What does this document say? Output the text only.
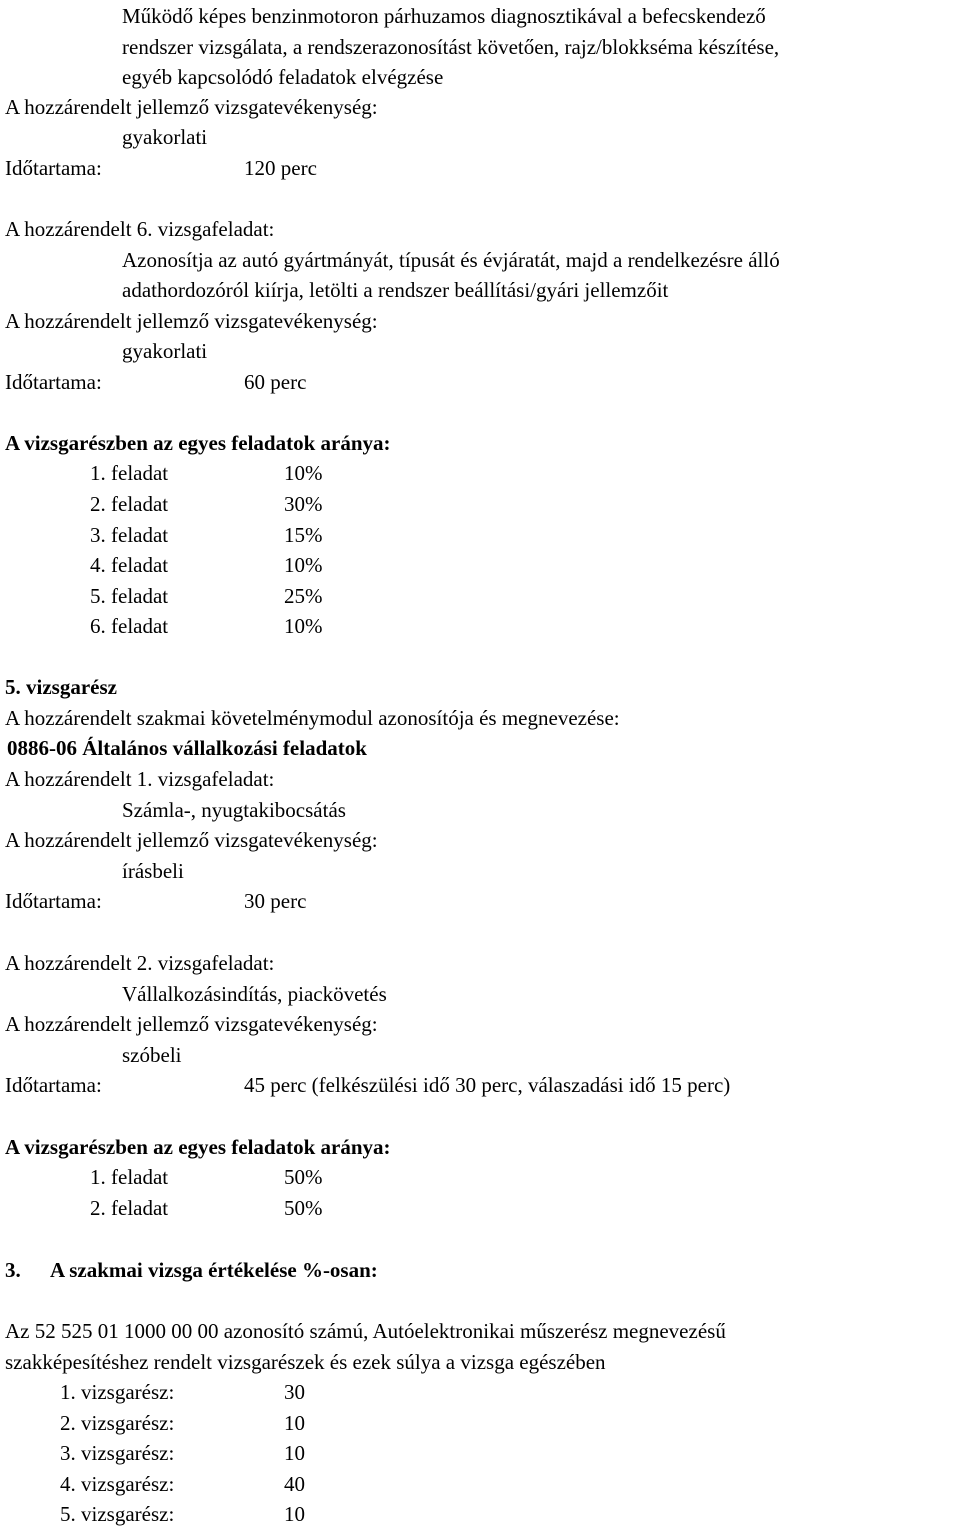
Működő képes benzinmotoron párhuzamos diagnosztikával a befecskendező
rendszer vizsgálata, a rendszerazonosítást követően, rajz/blokkséma készítése,
egyéb kapcsolódó feladatok elvégzése
A hozzárendelt jellemző vizsgatevékenység:
gyakorlati
Időtartama:	120 perc
A hozzárendelt 6. vizsgafeladat:
Azonosítja az autó gyártmányát, típusát és évjáratát, majd a rendelkezésre álló
adathordozóról kiírja, letölti a rendszer beállítási/gyári jellemzőit
A hozzárendelt jellemző vizsgatevékenység:
gyakorlati
Időtartama:	60 perc
A vizsgarészben az egyes feladatok aránya:
1. feladat	10%
2. feladat	30%
3. feladat	15%
4. feladat	10%
5. feladat	25%
6. feladat	10%
5. vizsgarész
A hozzárendelt szakmai követelménymodul azonosítója és megnevezése:
0886-06 Általános vállalkozási feladatok
A hozzárendelt 1. vizsgafeladat:
Számla-, nyugtakibocsátás
A hozzárendelt jellemző vizsgatevékenység:
írásbeli
Időtartama:	30 perc
A hozzárendelt 2. vizsgafeladat:
Vállalkozásindítás, piackövetés
A hozzárendelt jellemző vizsgatevékenység:
szóbeli
Időtartama:	45 perc (felkészülési idő 30 perc, válaszadási idő 15 perc)
A vizsgarészben az egyes feladatok aránya:
1. feladat	50%
2. feladat	50%
3. A szakmai vizsga értékelése %-osan:
Az 52 525 01 1000 00 00 azonosító számú, Autóelektronikai műszerész megnevezésű
szakképesítéshez rendelt vizsgarészek és ezek súlya a vizsga egészében
1. vizsgarész:	30
2. vizsgarész:	10
3. vizsgarész:	10
4. vizsgarész:	40
5. vizsgarész:	10
